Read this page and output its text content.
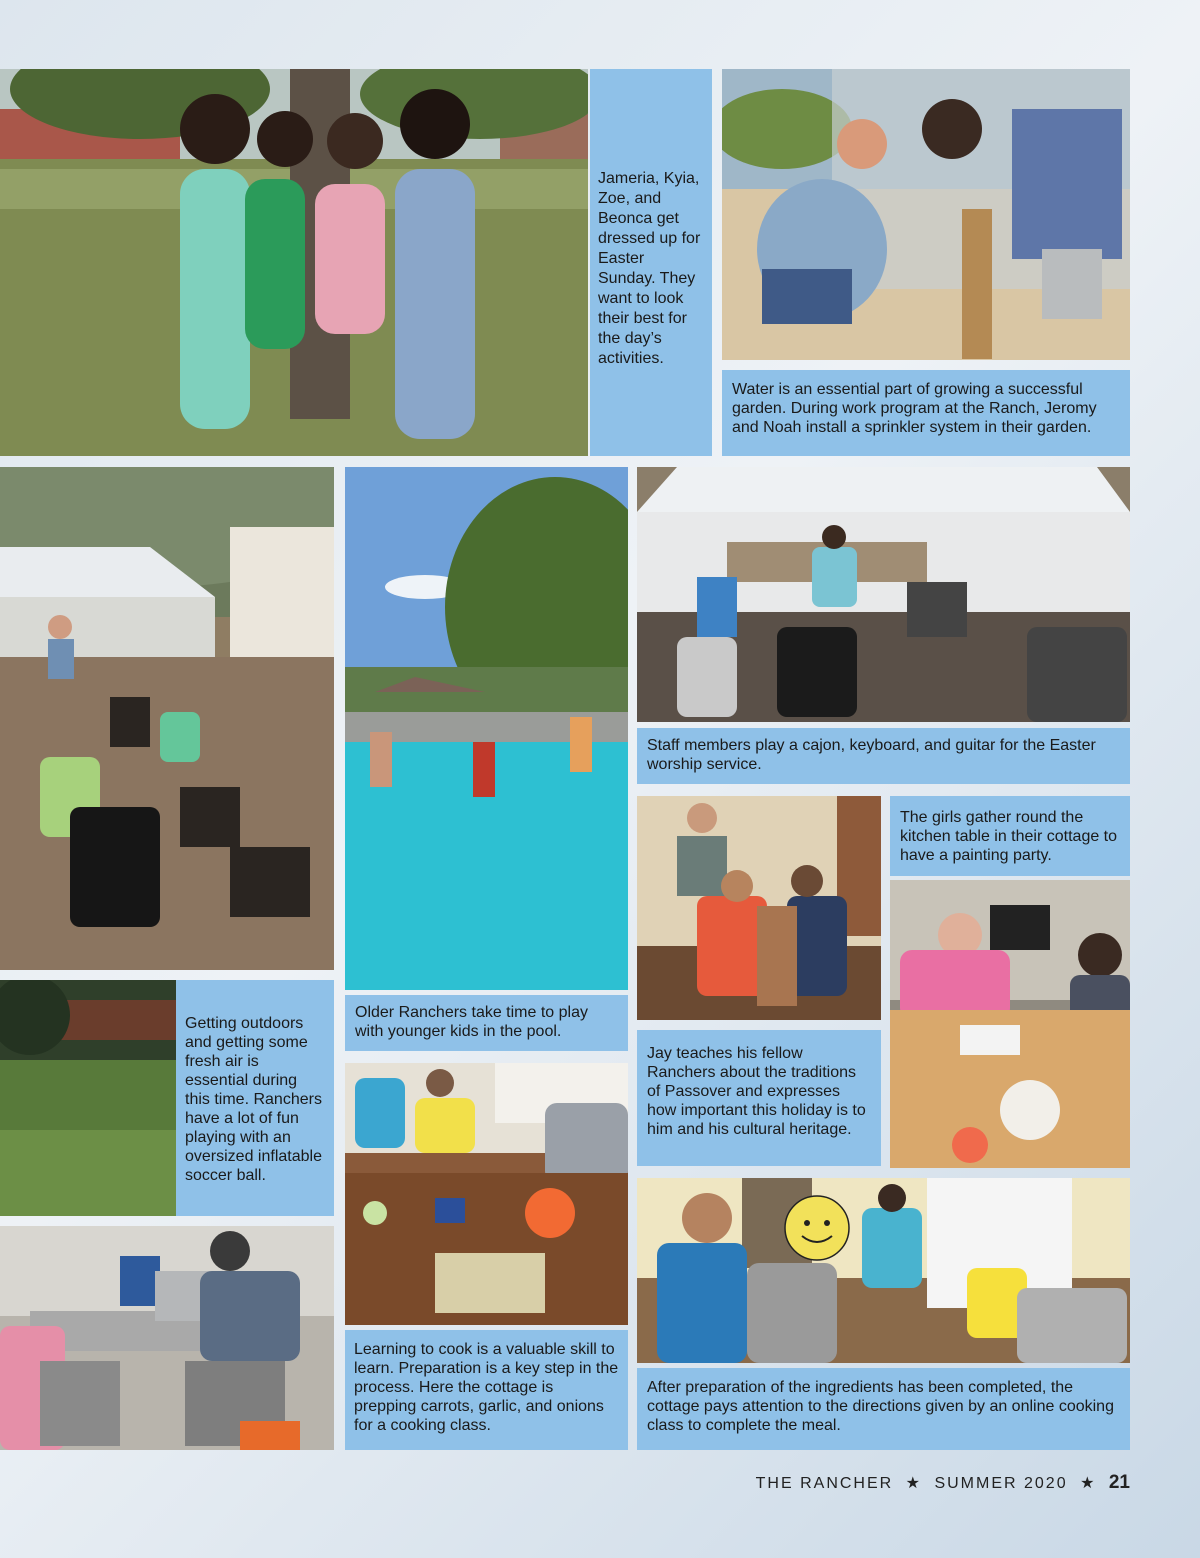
Jameria, Kyia, Zoe, and Beonca get dressed up for Easter Sunday. They want to look their best for the day’s activities.
Water is an essential part of growing a successful garden. During work program at the Ranch, Jeromy and Noah install a sprinkler system in their garden.
Older Ranchers take time to play with younger kids in the pool.
Staff members play a cajon, keyboard, and guitar for the Easter worship service.
Jay teaches his fellow Ranchers about the traditions of Passover and expresses how important this holiday is to him and his cultural heritage.
The girls gather round the kitchen table in their cottage to have a painting party.
Getting outdoors and getting some fresh air is essential during this time. Ranchers have a lot of fun playing with an oversized inflatable soccer ball.
Learning to cook is a valuable skill to learn. Preparation is a key step in the process. Here the cottage is prepping carrots, garlic, and onions for a cooking class.
After preparation of the ingredients has been completed, the cottage pays attention to the directions given by an online cooking class to complete the meal.
THE RANCHER ★ SUMMER 2020 ★ 21
